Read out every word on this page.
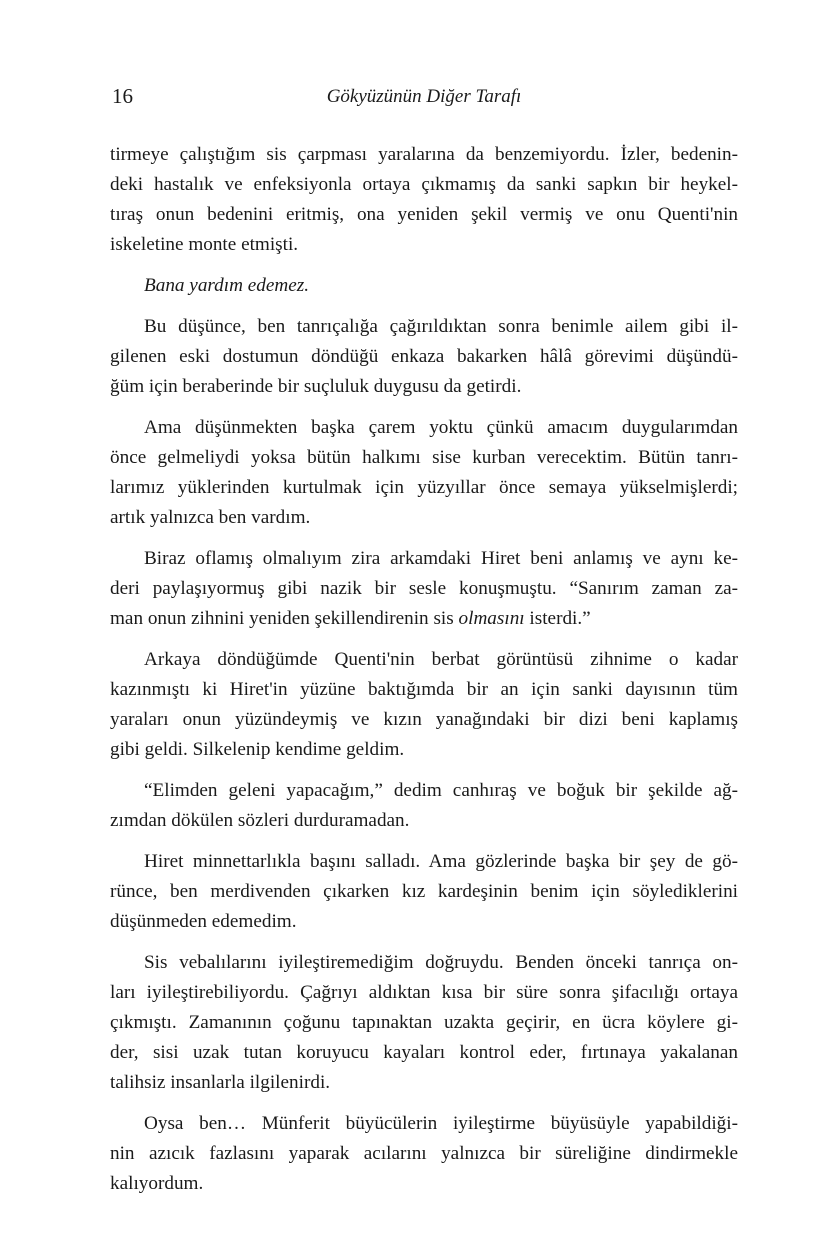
16	Gökyüzünün Diğer Tarafı
tirmeye çalıştığım sis çarpması yaralarına da benzemiyordu. İzler, bedenin-
deki hastalık ve enfeksiyonla ortaya çıkmamış da sanki sapkın bir heykel-
tıraş onun bedenini eritmiş, ona yeniden şekil vermiş ve onu Quenti'nin
iskeletine monte etmişti.
Bana yardım edemez.
Bu düşünce, ben tanrıçalığa çağırıldıktan sonra benimle ailem gibi il-
gilenen eski dostumun döndüğü enkaza bakarken hâlâ görevimi düşündü-
ğüm için beraberinde bir suçluluk duygusu da getirdi.
Ama düşünmekten başka çarem yoktu çünkü amacım duygularımdan
önce gelmeliydi yoksa bütün halkımı sise kurban verecektim. Bütün tanrı-
larımız yüklerinden kurtulmak için yüzyıllar önce semaya yükselmişlerdi;
artık yalnızca ben vardım.
Biraz oflamış olmalıyım zira arkamdaki Hiret beni anlamış ve aynı ke-
deri paylaşıyormuş gibi nazik bir sesle konuşmuştu. “Sanırım zaman za-
man onun zihnini yeniden şekillendirenin sis olmasını isterdi.”
Arkaya döndüğümde Quenti'nin berbat görüntüsü zihnime o kadar
kazınmıştı ki Hiret'in yüzüne baktığımda bir an için sanki dayısının tüm
yaraları onun yüzündeymiş ve kızın yanağındaki bir dizi beni kaplamış
gibi geldi. Silkelenip kendime geldim.
“Elimden geleni yapacağım,” dedim canhıraş ve boğuk bir şekilde ağ-
zımdan dökülen sözleri durduramadan.
Hiret minnettarlıkla başını salladı. Ama gözlerinde başka bir şey de gö-
rünce, ben merdivenden çıkarken kız kardeşinin benim için söylediklerini
düşünmeden edemedim.
Sis vebalılarını iyileştiremediğim doğruydu. Benden önceki tanrıça on-
ları iyileştirebiliyordu. Çağrıyı aldıktan kısa bir süre sonra şifacılığı ortaya
çıkmıştı. Zamanının çoğunu tapınaktan uzakta geçirir, en ücra köylere gi-
der, sisi uzak tutan koruyucu kayaları kontrol eder, fırtınaya yakalanan
talihsiz insanlarla ilgilenirdi.
Oysa ben… Münferit büyücülerin iyileştirme büyüsüyle yapabildiği-
nin azıcık fazlasını yaparak acılarını yalnızca bir süreliğine dindirmekle
kalıyordum.
